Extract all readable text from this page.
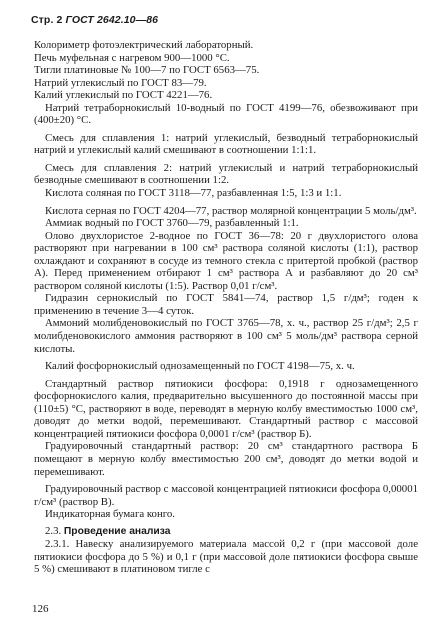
Стр. 2 ГОСТ 2642.10—86

Колориметр фотоэлектрический лабораторный.

Печь муфельная с нагревом 900—1000 °С.

Тигли платиновые № 100—7 по ГОСТ 6563—75.

Натрий углекислый по ГОСТ 83—79.

Калий углекислый по ГОСТ 4221—76.

Натрий тетраборнокислый 10-водный по ГОСТ 4199—76, обезвоживают при (400±20) °С.

Смесь для сплавления 1: натрий углекислый, безводный тетраборнокислый натрий и углекислый калий смешивают в соотношении 1:1:1.

Смесь для сплавления 2: натрий углекислый и натрий тетраборнокислый безводные смешивают в соотношении 1:2.

Кислота соляная по ГОСТ 3118—77, разбавленная 1:5, 1:3 и 1:1.

Кислота серная по ГОСТ 4204—77, раствор молярной концентрации 5 моль/дм³.

Аммиак водный по ГОСТ 3760—79, разбавленный 1:1.

Олово двухлористое 2-водное по ГОСТ 36—78: 20 г двухлористого олова растворяют при нагревании в 100 см³ раствора соляной кислоты (1:1), раствор охлаждают и сохраняют в сосуде из темного стекла с притертой пробкой (раствор А). Перед применением отбирают 1 см³ раствора А и разбавляют до 20 см³ раствором соляной кислоты (1:5). Раствор 0,01 г/см³.

Гидразин сернокислый по ГОСТ 5841—74, раствор 1,5 г/дм³; годен к применению в течение 3—4 суток.

Аммоний молибденовокислый по ГОСТ 3765—78, х. ч., раствор 25 г/дм³; 2,5 г молибденовокислого аммония растворяют в 100 см³ 5 моль/дм³ раствора серной кислоты.

Калий фосфорнокислый однозамещенный по ГОСТ 4198—75, х. ч.

Стандартный раствор пятиокиси фосфора: 0,1918 г однозамещенного фосфорнокислого калия, предварительно высушенного до постоянной массы при (110±5) °С, растворяют в воде, переводят в мерную колбу вместимостью 1000 см³, доводят до метки водой, перемешивают. Стандартный раствор с массовой концентрацией пятиокиси фосфора 0,0001 г/см³ (раствор Б).

Градуировочный стандартный раствор: 20 см³ стандартного раствора Б помещают в мерную колбу вместимостью 200 см³, доводят до метки водой и перемешивают.

Градуировочный раствор с массовой концентрацией пятиокиси фосфора 0,00001 г/см³ (раствор В).

Индикаторная бумага конго.

2.3. Проведение анализа

2.3.1. Навеску анализируемого материала массой 0,2 г (при массовой доле пятиокиси фосфора до 5 %) и 0,1 г (при массовой доле пятиокиси фосфора свыше 5 %) смешивают в платиновом тигле с

126
